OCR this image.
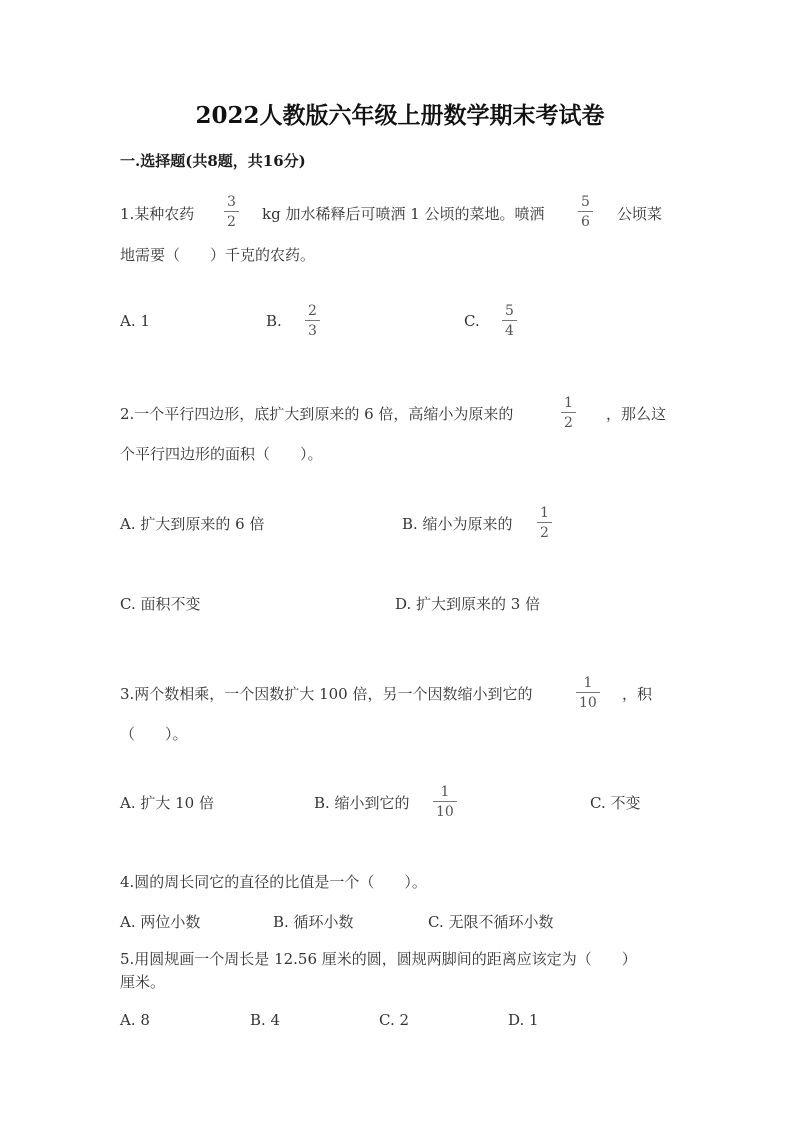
2022人教版六年级上册数学期末考试卷
一.选择题(共8题，共16分)
1.某种农药
3
2 kg 加水稀释后可喷洒 1 公顷的菜地。喷洒
5
6 公顷菜
地需要（　　）千克的农药。
A. 1	B.
2
3
C.
5
4
2.一个平行四边形，底扩大到原来的 6 倍，高缩小为原来的
1
2 ，那么这
个平行四边形的面积（　　）。
A. 扩大到原来的 6 倍	B. 缩小为原来的
1
2
C. 面积不变	D. 扩大到原来的 3 倍
3.两个数相乘，一个因数扩大 100 倍，另一个因数缩小到它的
1
10 ，积
（　　）。
A. 扩大 10 倍	B. 缩小到它的
1
10	C. 不变
4.圆的周长同它的直径的比值是一个（　　）。
A. 两位小数	B. 循环小数	C. 无限不循环小数
5.用圆规画一个周长是 12.56 厘米的圆，圆规两脚间的距离应该定为（　　）
厘米。
A. 8	B. 4	C. 2	D. 1
